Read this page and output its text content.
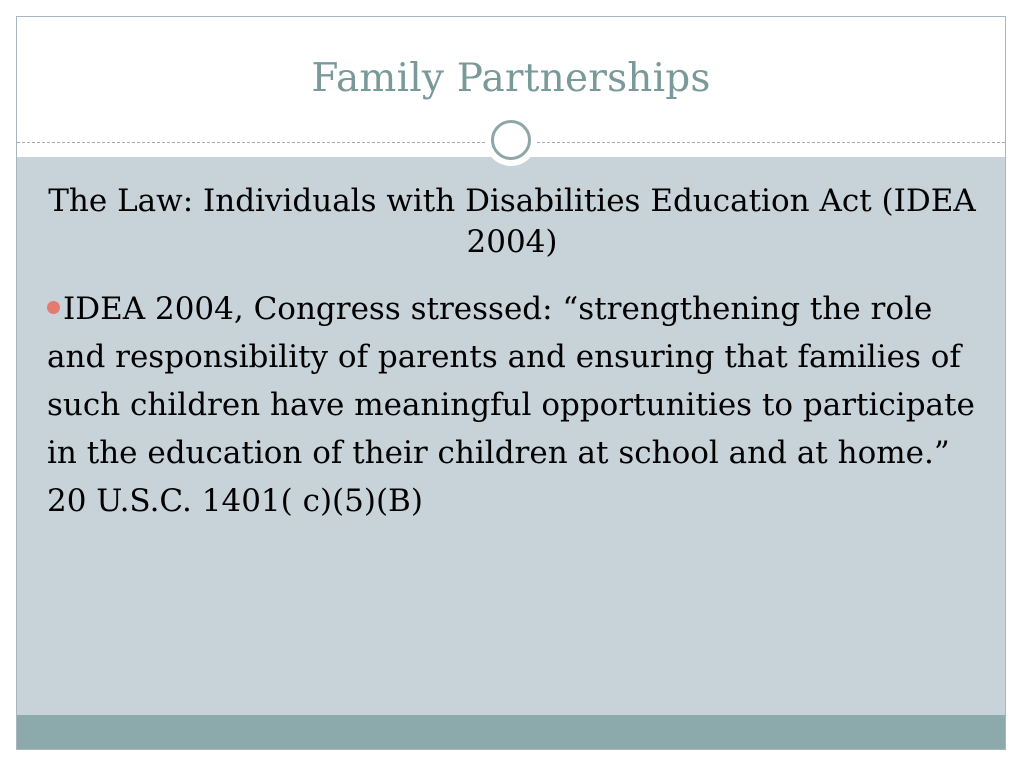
Family Partnerships
The Law: Individuals with Disabilities Education Act (IDEA 2004)
IDEA 2004, Congress stressed: “strengthening the role and responsibility of parents and ensuring that families of such children have meaningful opportunities to participate in the education of their children at school and at home.” 20 U.S.C. 1401( c)(5)(B)
